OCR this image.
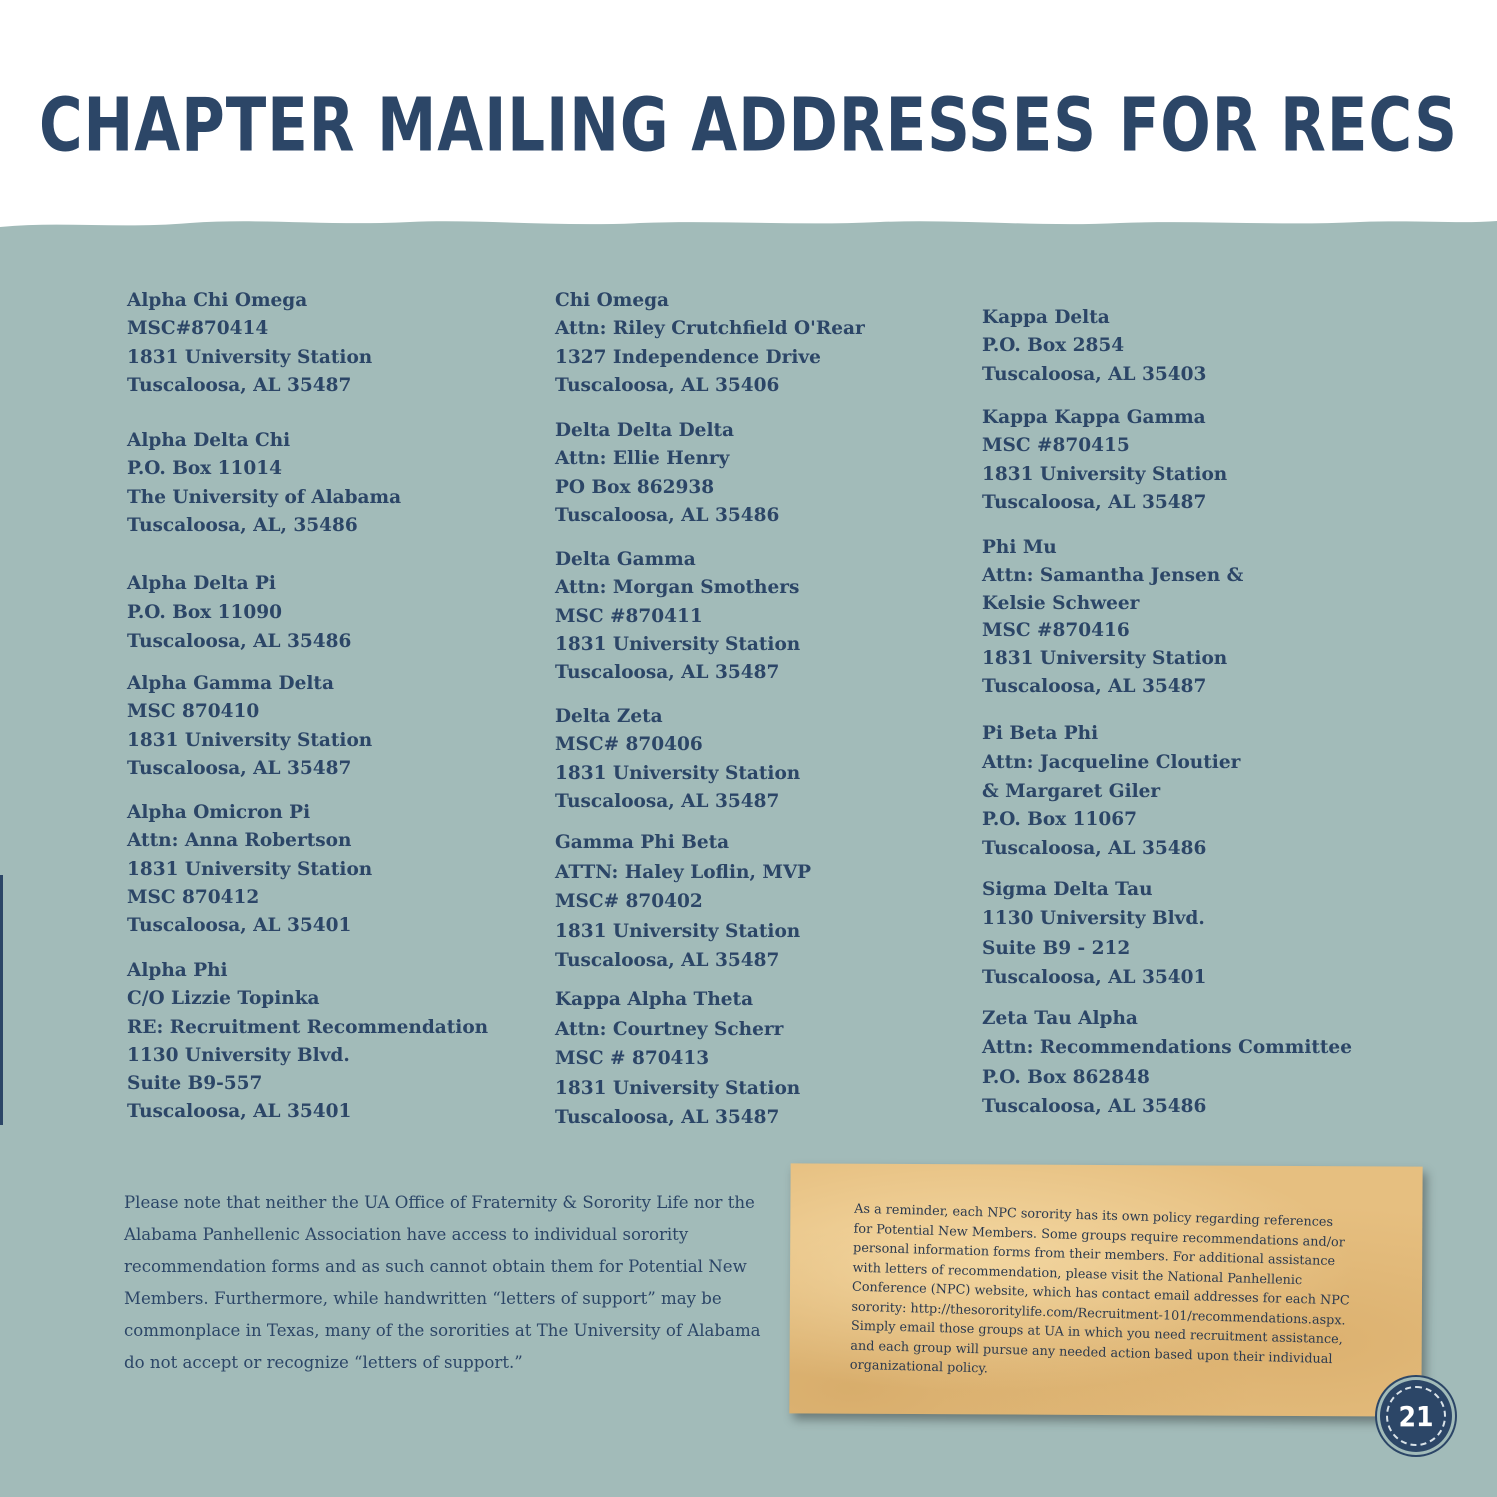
CHAPTER MAILING ADDRESSES FOR RECS
Alpha Chi Omega
MSC#870414
1831 University Station
Tuscaloosa, AL 35487
Alpha Delta Chi
P.O. Box 11014
The University of Alabama
Tuscaloosa, AL, 35486
Alpha Delta Pi
P.O. Box 11090
Tuscaloosa, AL 35486
Alpha Gamma Delta
MSC 870410
1831 University Station
Tuscaloosa, AL 35487
Alpha Omicron Pi
Attn: Anna Robertson
1831 University Station
MSC 870412
Tuscaloosa, AL 35401
Alpha Phi
C/O Lizzie Topinka
RE: Recruitment Recommendation
1130 University Blvd.
Suite B9-557
Tuscaloosa, AL 35401
Chi Omega
Attn: Riley Crutchfield O'Rear
1327 Independence Drive
Tuscaloosa, AL 35406
Delta Delta Delta
Attn: Ellie Henry
PO Box 862938
Tuscaloosa, AL 35486
Delta Gamma
Attn: Morgan Smothers
MSC #870411
1831 University Station
Tuscaloosa, AL 35487
Delta Zeta
MSC# 870406
1831 University Station
Tuscaloosa, AL 35487
Gamma Phi Beta
ATTN: Haley Loflin, MVP
MSC# 870402
1831 University Station
Tuscaloosa, AL 35487
Kappa Alpha Theta
Attn: Courtney Scherr
MSC # 870413
1831 University Station
Tuscaloosa, AL 35487
Kappa Delta
P.O. Box 2854
Tuscaloosa, AL 35403
Kappa Kappa Gamma
MSC #870415
1831 University Station
Tuscaloosa, AL 35487
Phi Mu
Attn: Samantha Jensen &
Kelsie Schweer
MSC #870416
1831 University Station
Tuscaloosa, AL 35487
Pi Beta Phi
Attn: Jacqueline Cloutier
& Margaret Giler
P.O. Box 11067
Tuscaloosa, AL 35486
Sigma Delta Tau
1130 University Blvd.
Suite B9 - 212
Tuscaloosa, AL 35401
Zeta Tau Alpha
Attn: Recommendations Committee
P.O. Box 862848
Tuscaloosa, AL 35486

Please note that neither the UA Office of Fraternity & Sorority Life nor the Alabama Panhellenic Association have access to individual sorority recommendation forms and as such cannot obtain them for Potential New Members. Furthermore, while handwritten “letters of support” may be commonplace in Texas, many of the sororities at The University of Alabama do not accept or recognize “letters of support.”

As a reminder, each NPC sorority has its own policy regarding references for Potential New Members. Some groups require recommendations and/or personal information forms from their members. For additional assistance with letters of recommendation, please visit the National Panhellenic Conference (NPC) website, which has contact email addresses for each NPC sorority: http://thesororitylife.com/Recruitment-101/recommendations.aspx. Simply email those groups at UA in which you need recruitment assistance, and each group will pursue any needed action based upon their individual organizational policy.

21
